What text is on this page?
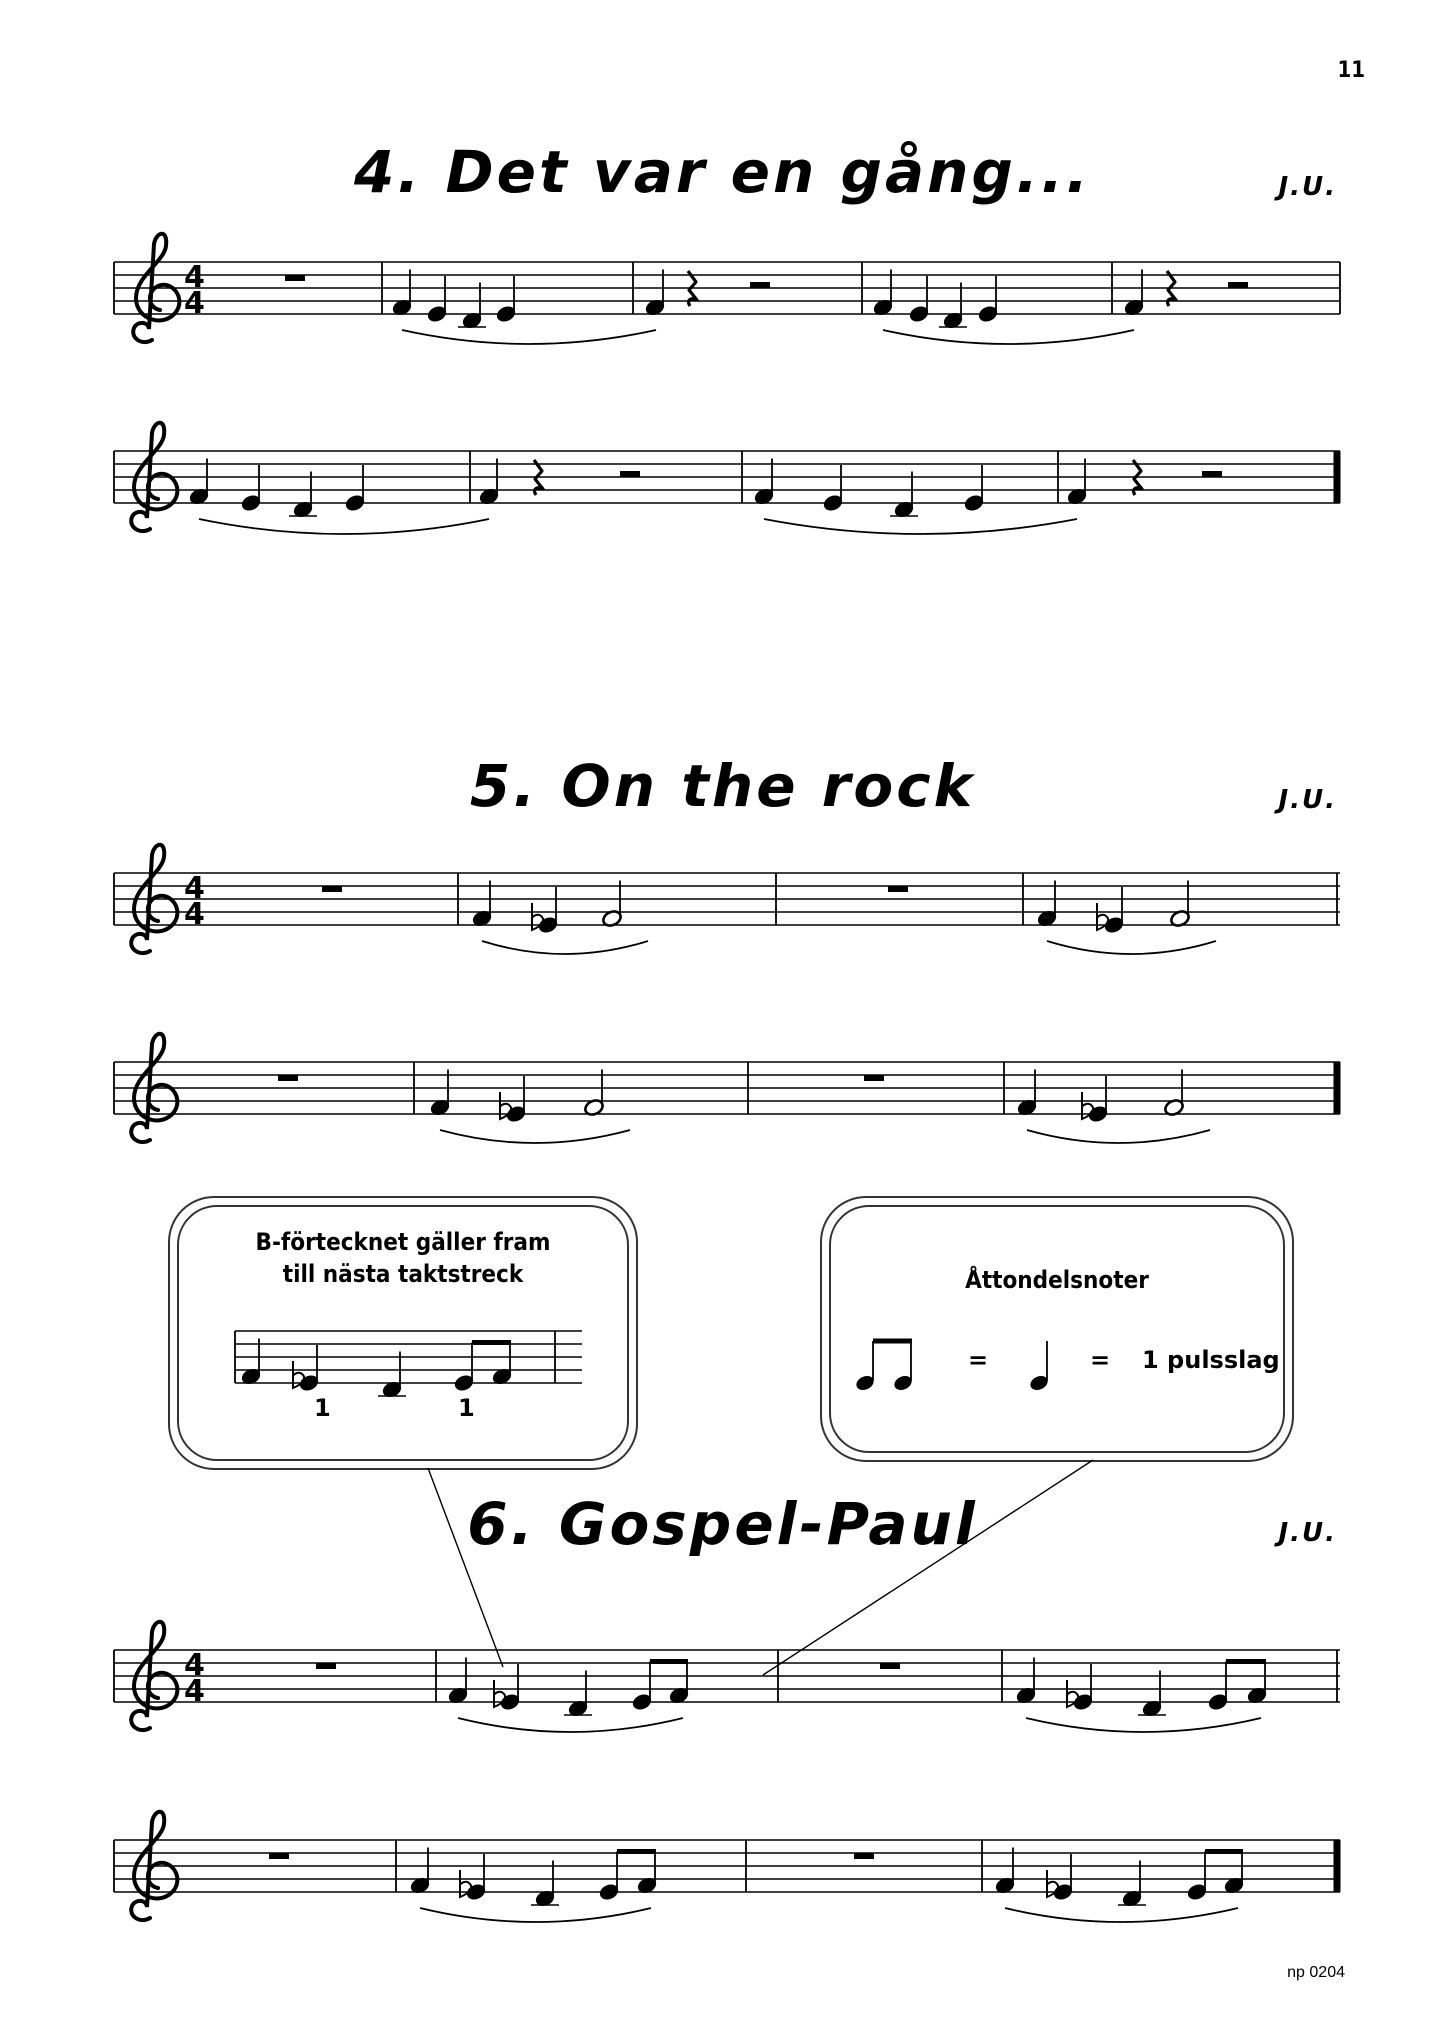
11
4. Det var en gång...	J.U.
5. On the rock	J.U.
6. Gospel-Paul	J.U.
B-förtecknet gäller fram
till nästa taktstreck
1	1
Åttondelsnoter
=	= 1 pulsslag
np 0204
4
4
4
4
4
4
